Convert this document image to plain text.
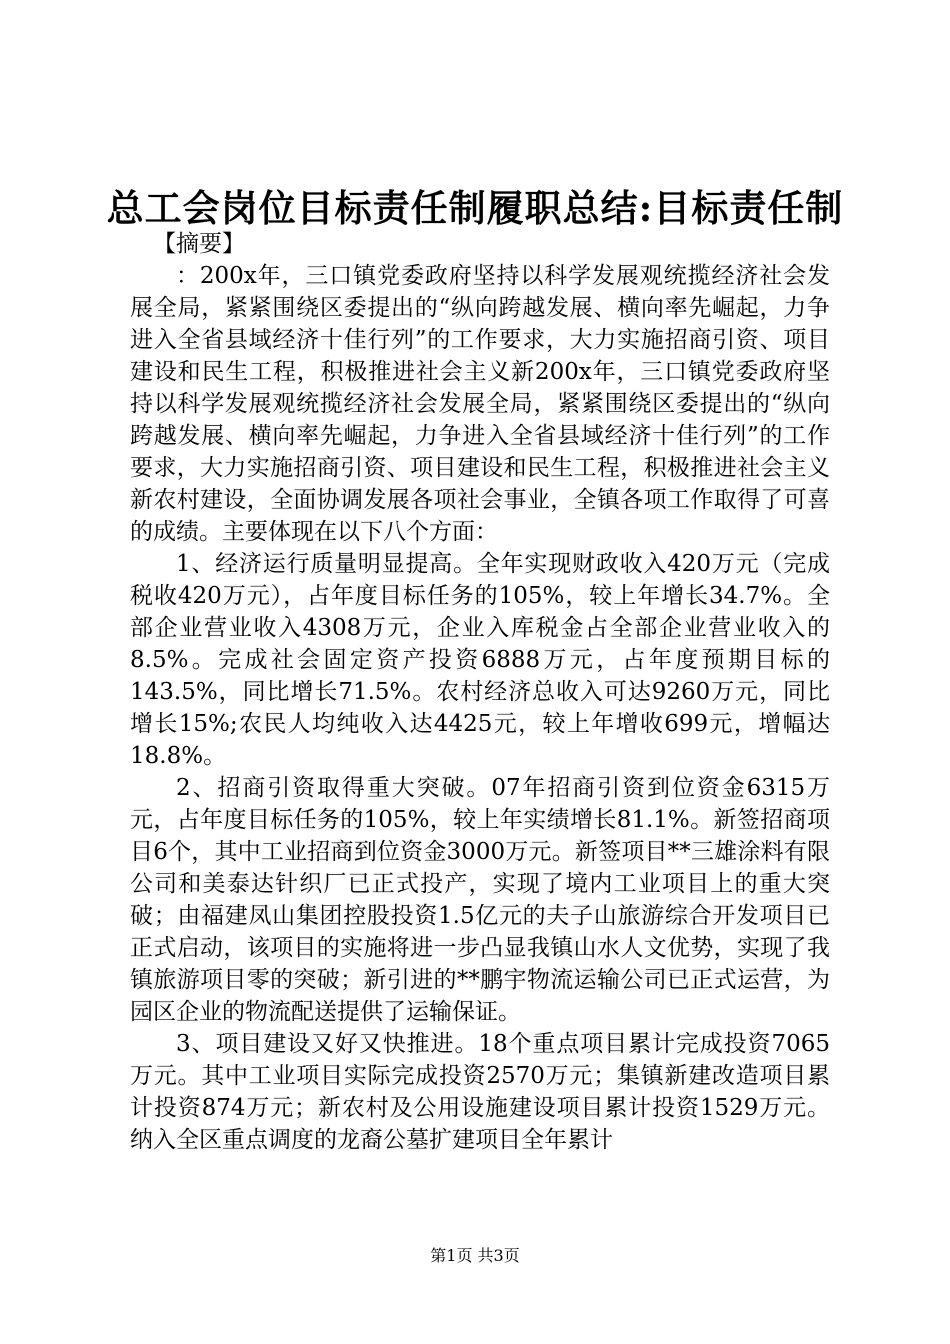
总工会岗位目标责任制履职总结:目标责任制

【摘要】

：200x年，三口镇党委政府坚持以科学发展观统揽经济社会发展全局，紧紧围绕区委提出的“纵向跨越发展、横向率先崛起，力争进入全省县域经济十佳行列”的工作要求，大力实施招商引资、项目建设和民生工程，积极推进社会主义新200x年，三口镇党委政府坚持以科学发展观统揽经济社会发展全局，紧紧围绕区委提出的“纵向跨越发展、横向率先崛起，力争进入全省县域经济十佳行列”的工作要求，大力实施招商引资、项目建设和民生工程，积极推进社会主义新农村建设，全面协调发展各项社会事业，全镇各项工作取得了可喜的成绩。主要体现在以下八个方面：

1、经济运行质量明显提高。全年实现财政收入420万元（完成税收420万元），占年度目标任务的105%，较上年增长34.7%。全部企业营业收入4308万元，企业入库税金占全部企业营业收入的8.5%。完成社会固定资产投资6888万元，占年度预期目标的143.5%，同比增长71.5%。农村经济总收入可达9260万元，同比增长15%;农民人均纯收入达4425元，较上年增收699元，增幅达18.8%。

2、招商引资取得重大突破。07年招商引资到位资金6315万元，占年度目标任务的105%，较上年实绩增长81.1%。新签招商项目6个，其中工业招商到位资金3000万元。新签项目**三雄涂料有限公司和美泰达针织厂已正式投产，实现了境内工业项目上的重大突破；由福建凤山集团控股投资1.5亿元的夫子山旅游综合开发项目已正式启动，该项目的实施将进一步凸显我镇山水人文优势，实现了我镇旅游项目零的突破；新引进的**鹏宇物流运输公司已正式运营，为园区企业的物流配送提供了运输保证。

3、项目建设又好又快推进。18个重点项目累计完成投资7065万元。其中工业项目实际完成投资2570万元；集镇新建改造项目累计投资874万元；新农村及公用设施建设项目累计投资1529万元。纳入全区重点调度的龙裔公墓扩建项目全年累计

第1页 共3页
